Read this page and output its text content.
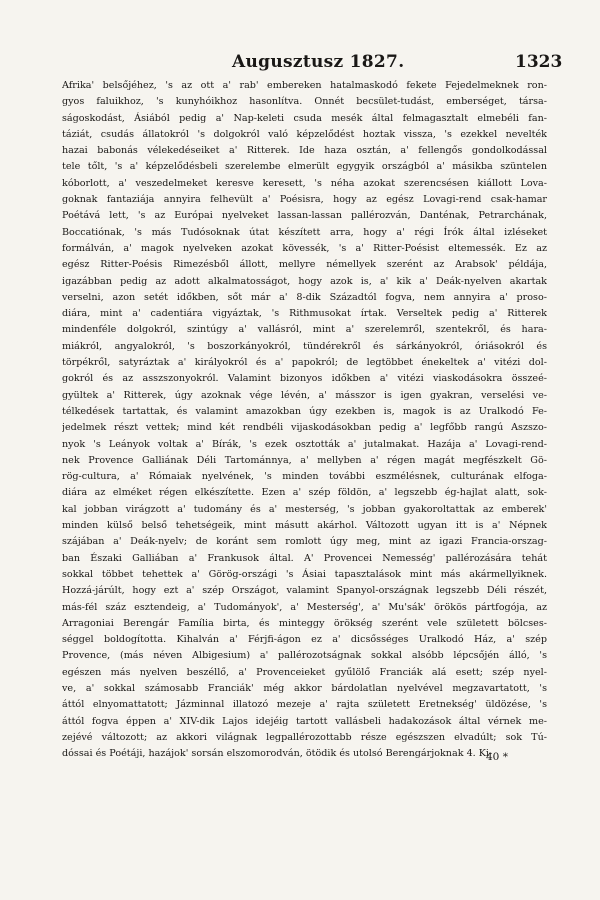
Augusztusz 1827.	1323
Afrika' belsőjéhez, 's az ott a' rab' embereken hatalmaskodó fekete Fejedelmeknek ron-
gyos faluikhoz, 's kunyhóikhoz hasonlítva. Onnét becsület-tudást, emberséget, társa-
ságoskodást, Ásiából pedig a' Nap-keleti csuda mesék által felmagasztalt elmebéli fan-
táziát, csudás állatokról 's dolgokról való képzelődést hoztak vissza, 's ezekkel nevelték
hazai babonás vélekedéseiket a' Ritterek. Ide haza osztán, a' fellengős gondolkodással
tele tőlt, 's a' képzelődésbeli szerelembe elmerült egygyik országból a' másikba szüntelen
kóborlott, a' veszedelmeket keresve keresett, 's néha azokat szerencsésen kiállott Lova-
goknak fantaziája annyira felhevült a' Poésisra, hogy az egész Lovagi-rend csak-hamar
Poétává lett, 's az Európai nyelveket lassan-lassan pallérozván, Danténak, Petrarchának,
Boccatiónak, 's más Tudósoknak útat készített arra, hogy a' régi Írók által izléseket
formálván, a' magok nyelveken azokat kövessék, 's a' Ritter-Poésist eltemessék. Ez az
egész Ritter-Poésis Rimezésből állott, mellyre némellyek szerént az Arabsok' példája,
igazábban pedig az adott alkalmatosságot, hogy azok is, a' kik a' Deák-nyelven akartak
verselni, azon setét időkben, sőt már a' 8-dik Századtól fogva, nem annyira a' proso-
diára, mint a' cadentiára vigyáztak, 's Rithmusokat írtak. Verseltek pedig a' Ritterek
mindenféle dolgokról, szintúgy a' vallásról, mint a' szerelemről, szentekről, és hara-
miákról, angyalokról, 's boszorkányokról, tündérekről és sárkányokról, óriásokról és
törpékről, satyráztak a' királyokról és a' papokról; de legtöbbet énekeltek a' vitézi dol-
gokról és az asszszonyokról. Valamint bizonyos időkben a' vitézi viaskodásokra összeé-
gyültek a' Ritterek, úgy azoknak vége lévén, a' másszor is igen gyakran, verselési ve-
télkedések tartattak, és valamint amazokban úgy ezekben is, magok is az Uralkodó Fe-
jedelmek részt vettek; mind két rendbéli vijaskodásokban pedig a' legfőbb rangú Aszszo-
nyok 's Leányok voltak a' Bírák, 's ezek osztották a' jutalmakat. Hazája a' Lovagi-rend-
nek Provence Galliának Déli Tartománnya, a' mellyben a' régen magát megfészkelt Gö-
rög-cultura, a' Rómaiak nyelvének, 's minden további eszmélésnek, culturának elfoga-
diára az elméket régen elkészítette. Ezen a' szép földön, a' legszebb ég-hajlat alatt, sok-
kal jobban virágzott a' tudomány és a' mesterség, 's jobban gyakoroltattak az emberek'
minden külső belső tehetségeik, mint másutt akárhol. Változott ugyan itt is a' Népnek
szájában a' Deák-nyelv; de koránt sem romlott úgy meg, mint az igazi Francia-orszag-
ban Északi Galliában a' Frankusok által. A' Provencei Nemesség' pallérozására tehát
sokkal többet tehettek a' Görög-országi 's Ásiai tapasztalások mint más akármellyiknek.
Hozzá-járúlt, hogy ezt a' szép Országot, valamint Spanyol-országnak legszebb Déli részét,
más-fél száz esztendeig, a' Tudományok', a' Mesterség', a' Mu'sák' örökös pártfogója, az
Arragoniai Berengár Família birta, és minteggy örökség szerént vele született bölcses-
séggel boldogította. Kihalván a' Férjfi-ágon ez a' dicsősséges Uralkodó Ház, a' szép
Provence, (más néven Albigesium) a' pallérozotságnak sokkal alsóbb lépcsőjén álló, 's
egészen más nyelven beszéllő, a' Provenceieket gyűlölő Franciák alá esett; szép nyel-
ve, a' sokkal számosabb Franciák' még akkor bárdolatlan nyelvével megzavartatott, 's
áttól elnyomattatott; Jázminnal illatozó mezeje a' rajta született Eretnekség' üldözése, 's
áttól fogva éppen a' XIV-dik Lajos idejéig tartott vallásbeli hadakozások által vérnek me-
zejévé változott; az akkori világnak legpallérozottabb része egészszen elvadúlt; sok Tú-
dóssai és Poétáji, hazájok' sorsán elszomorodván, ötödik és utolsó Berengárjoknak 4. Ki-
40 *
